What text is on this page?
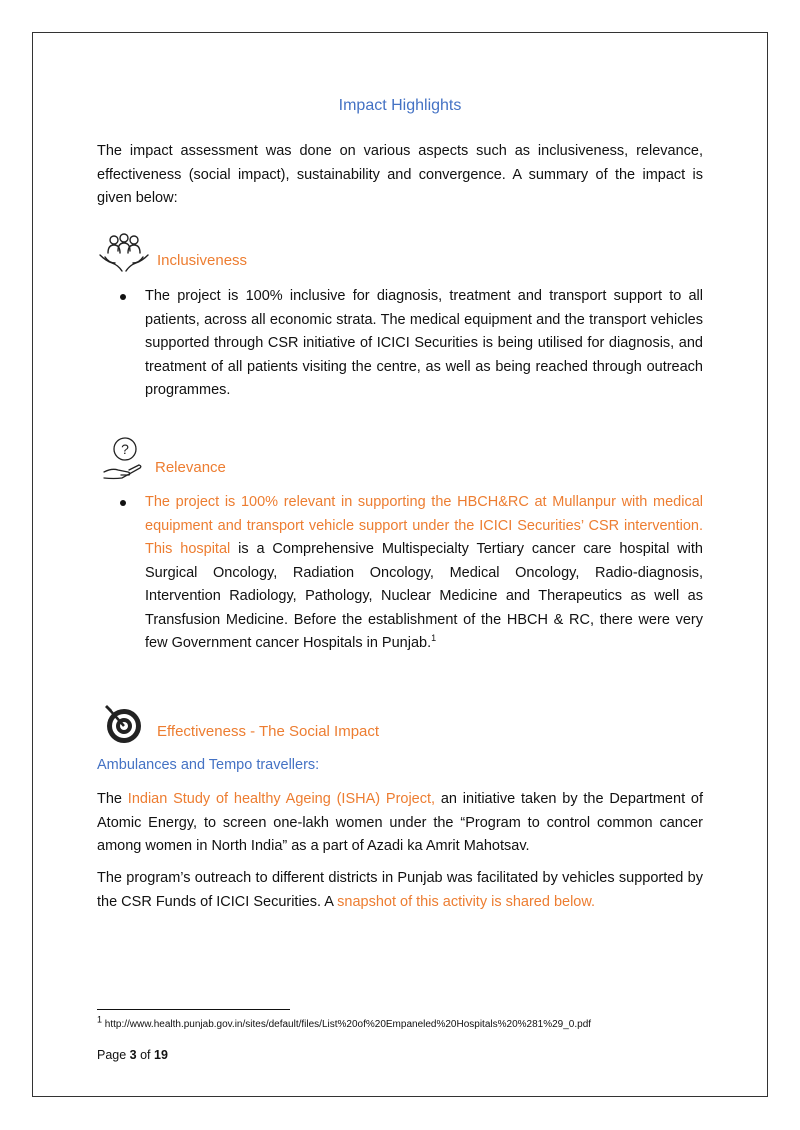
Impact Highlights

The impact assessment was done on various aspects such as inclusiveness, relevance, effectiveness (social impact), sustainability and convergence. A summary of the impact is given below:

Inclusiveness
The project is 100% inclusive for diagnosis, treatment and transport support to all patients, across all economic strata. The medical equipment and the transport vehicles supported through CSR initiative of ICICI Securities is being utilised for diagnosis, and treatment of all patients visiting the centre, as well as being reached through outreach programmes.
?
Relevance
The project is 100% relevant in supporting the HBCH&RC at Mullanpur with medical equipment and transport vehicle support under the ICICI Securities’ CSR intervention. This hospital is a Comprehensive Multispecialty Tertiary cancer care hospital with Surgical Oncology, Radiation Oncology, Medical Oncology, Radio-diagnosis, Intervention Radiology, Pathology, Nuclear Medicine and Therapeutics as well as Transfusion Medicine. Before the establishment of the HBCH & RC, there were very few Government cancer Hospitals in Punjab.$^1$
Effectiveness - The Social Impact
Ambulances and Tempo travellers:

The Indian Study of healthy Ageing (ISHA) Project, an initiative taken by the Department of Atomic Energy, to screen one-lakh women under the “Program to control common cancer among women in North India” as a part of Azadi ka Amrit Mahotsav.

The program’s outreach to different districts in Punjab was facilitated by vehicles supported by the CSR Funds of ICICI Securities. A snapshot of this activity is shared below.

1 http://www.health.punjab.gov.in/sites/default/files/List%20of%20Empaneled%20Hospitals%20%281%29_0.pdf
Page 3 of 19
